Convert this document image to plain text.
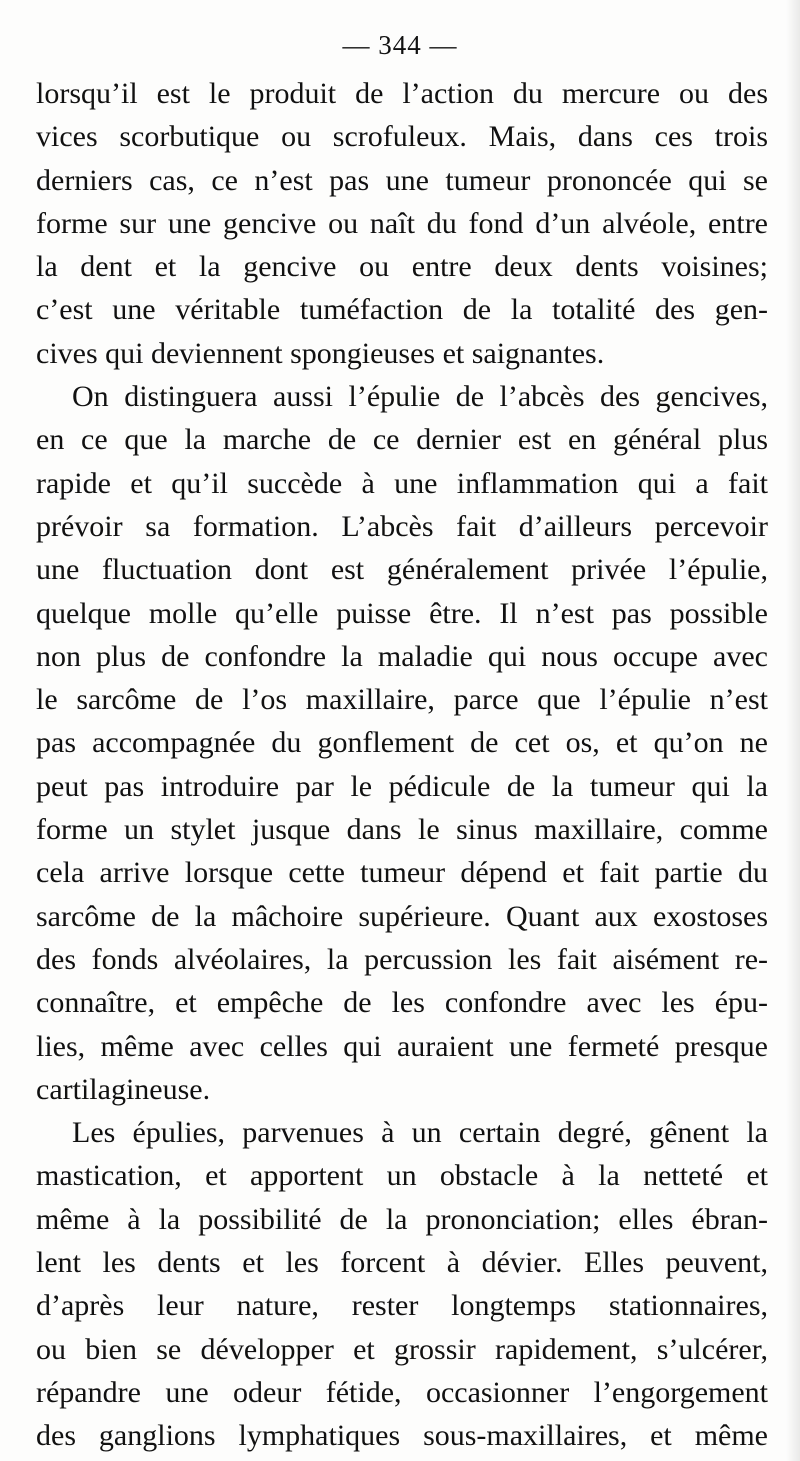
— 344 —
lorsqu’il est le produit de l’action du mercure ou des
vices scorbutique ou scrofuleux. Mais, dans ces trois
derniers cas, ce n’est pas une tumeur prononcée qui se
forme sur une gencive ou naît du fond d’un alvéole, entre
la dent et la gencive ou entre deux dents voisines;
c’est une véritable tuméfaction de la totalité des gen-
cives qui deviennent spongieuses et saignantes.
On distinguera aussi l’épulie de l’abcès des gencives,
en ce que la marche de ce dernier est en général plus
rapide et qu’il succède à une inflammation qui a fait
prévoir sa formation. L’abcès fait d’ailleurs percevoir
une fluctuation dont est généralement privée l’épulie,
quelque molle qu’elle puisse être. Il n’est pas possible
non plus de confondre la maladie qui nous occupe avec
le sarcôme de l’os maxillaire, parce que l’épulie n’est
pas accompagnée du gonflement de cet os, et qu’on ne
peut pas introduire par le pédicule de la tumeur qui la
forme un stylet jusque dans le sinus maxillaire, comme
cela arrive lorsque cette tumeur dépend et fait partie du
sarcôme de la mâchoire supérieure. Quant aux exostoses
des fonds alvéolaires, la percussion les fait aisément re-
connaître, et empêche de les confondre avec les épu-
lies, même avec celles qui auraient une fermeté presque
cartilagineuse.
Les épulies, parvenues à un certain degré, gênent la
mastication, et apportent un obstacle à la netteté et
même à la possibilité de la prononciation; elles ébran-
lent les dents et les forcent à dévier. Elles peuvent,
d’après leur nature, rester longtemps stationnaires,
ou bien se développer et grossir rapidement, s’ulcérer,
répandre une odeur fétide, occasionner l’engorgement
des ganglions lymphatiques sous-maxillaires, et même
